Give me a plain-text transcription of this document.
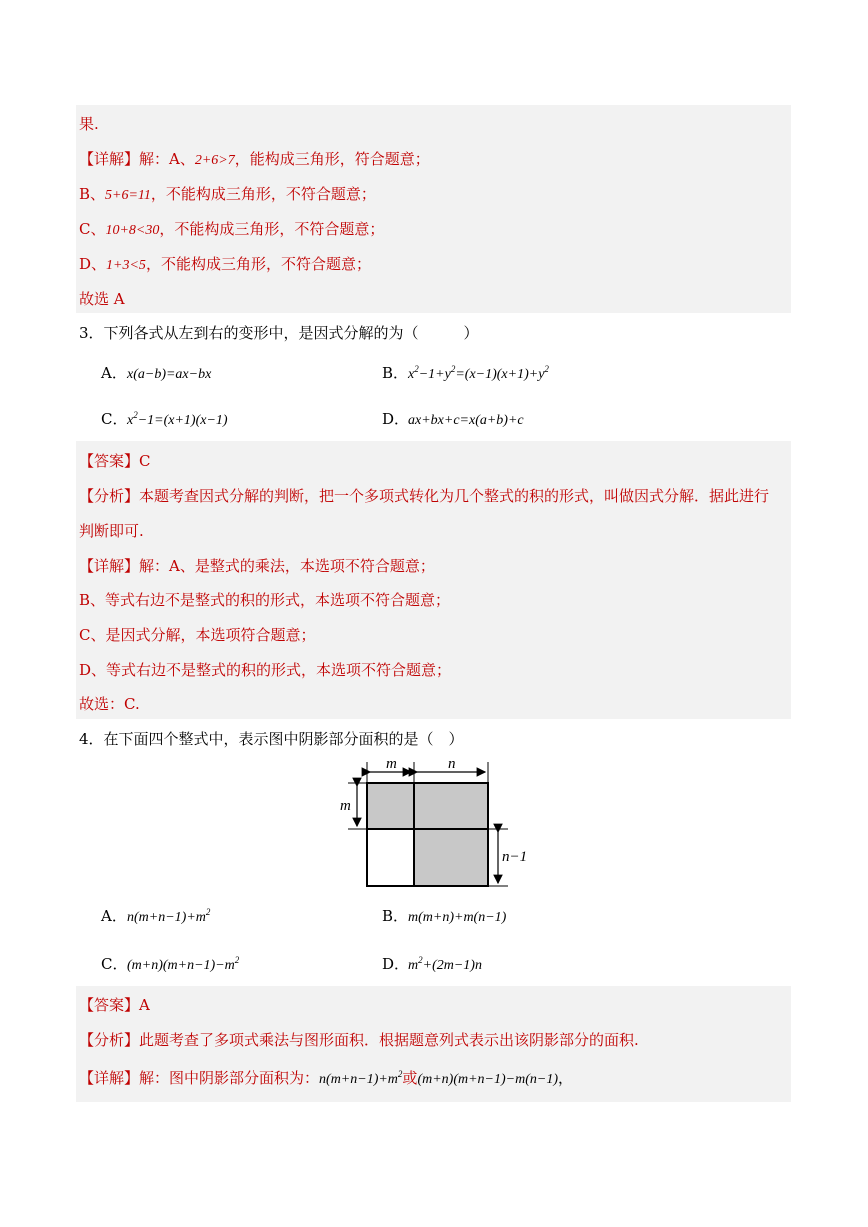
果.
【详解】解：A、2+6>7，能构成三角形，符合题意；
B、5+6=11，不能构成三角形，不符合题意；
C、10+8<30，不能构成三角形，不符合题意；
D、1+3<5，不能构成三角形，不符合题意；
故选 A
3．下列各式从左到右的变形中，是因式分解的为（　　　）
A．x(a−b)=ax−bx	B．$x^2-1+y^2=(x-1)(x+1)+y^2$
C．$x^2-1=(x+1)(x-1)$	D．ax+bx+c=x(a+b)+c
【答案】C
【分析】本题考查因式分解的判断，把一个多项式转化为几个整式的积的形式，叫做因式分解．据此进行
判断即可.
【详解】解：A、是整式的乘法，本选项不符合题意；
B、等式右边不是整式的积的形式，本选项不符合题意；
C、是因式分解，本选项符合题意；
D、等式右边不是整式的积的形式，本选项不符合题意；
故选：C.
4．在下面四个整式中，表示图中阴影部分面积的是（　）
m	n
m
n−1
A．$n(m+n-1)+m^2$	B．m(m+n)+m(n−1)
C．$(m+n)(m+n-1)-m^2$	D．$m^2+(2m-1)n$
【答案】A
【分析】此题考查了多项式乘法与图形面积．根据题意列式表示出该阴影部分的面积.
【详解】解：图中阴影部分面积为：$n(m+n-1)+m^2$或(m+n)(m+n−1)−m(n−1)，
